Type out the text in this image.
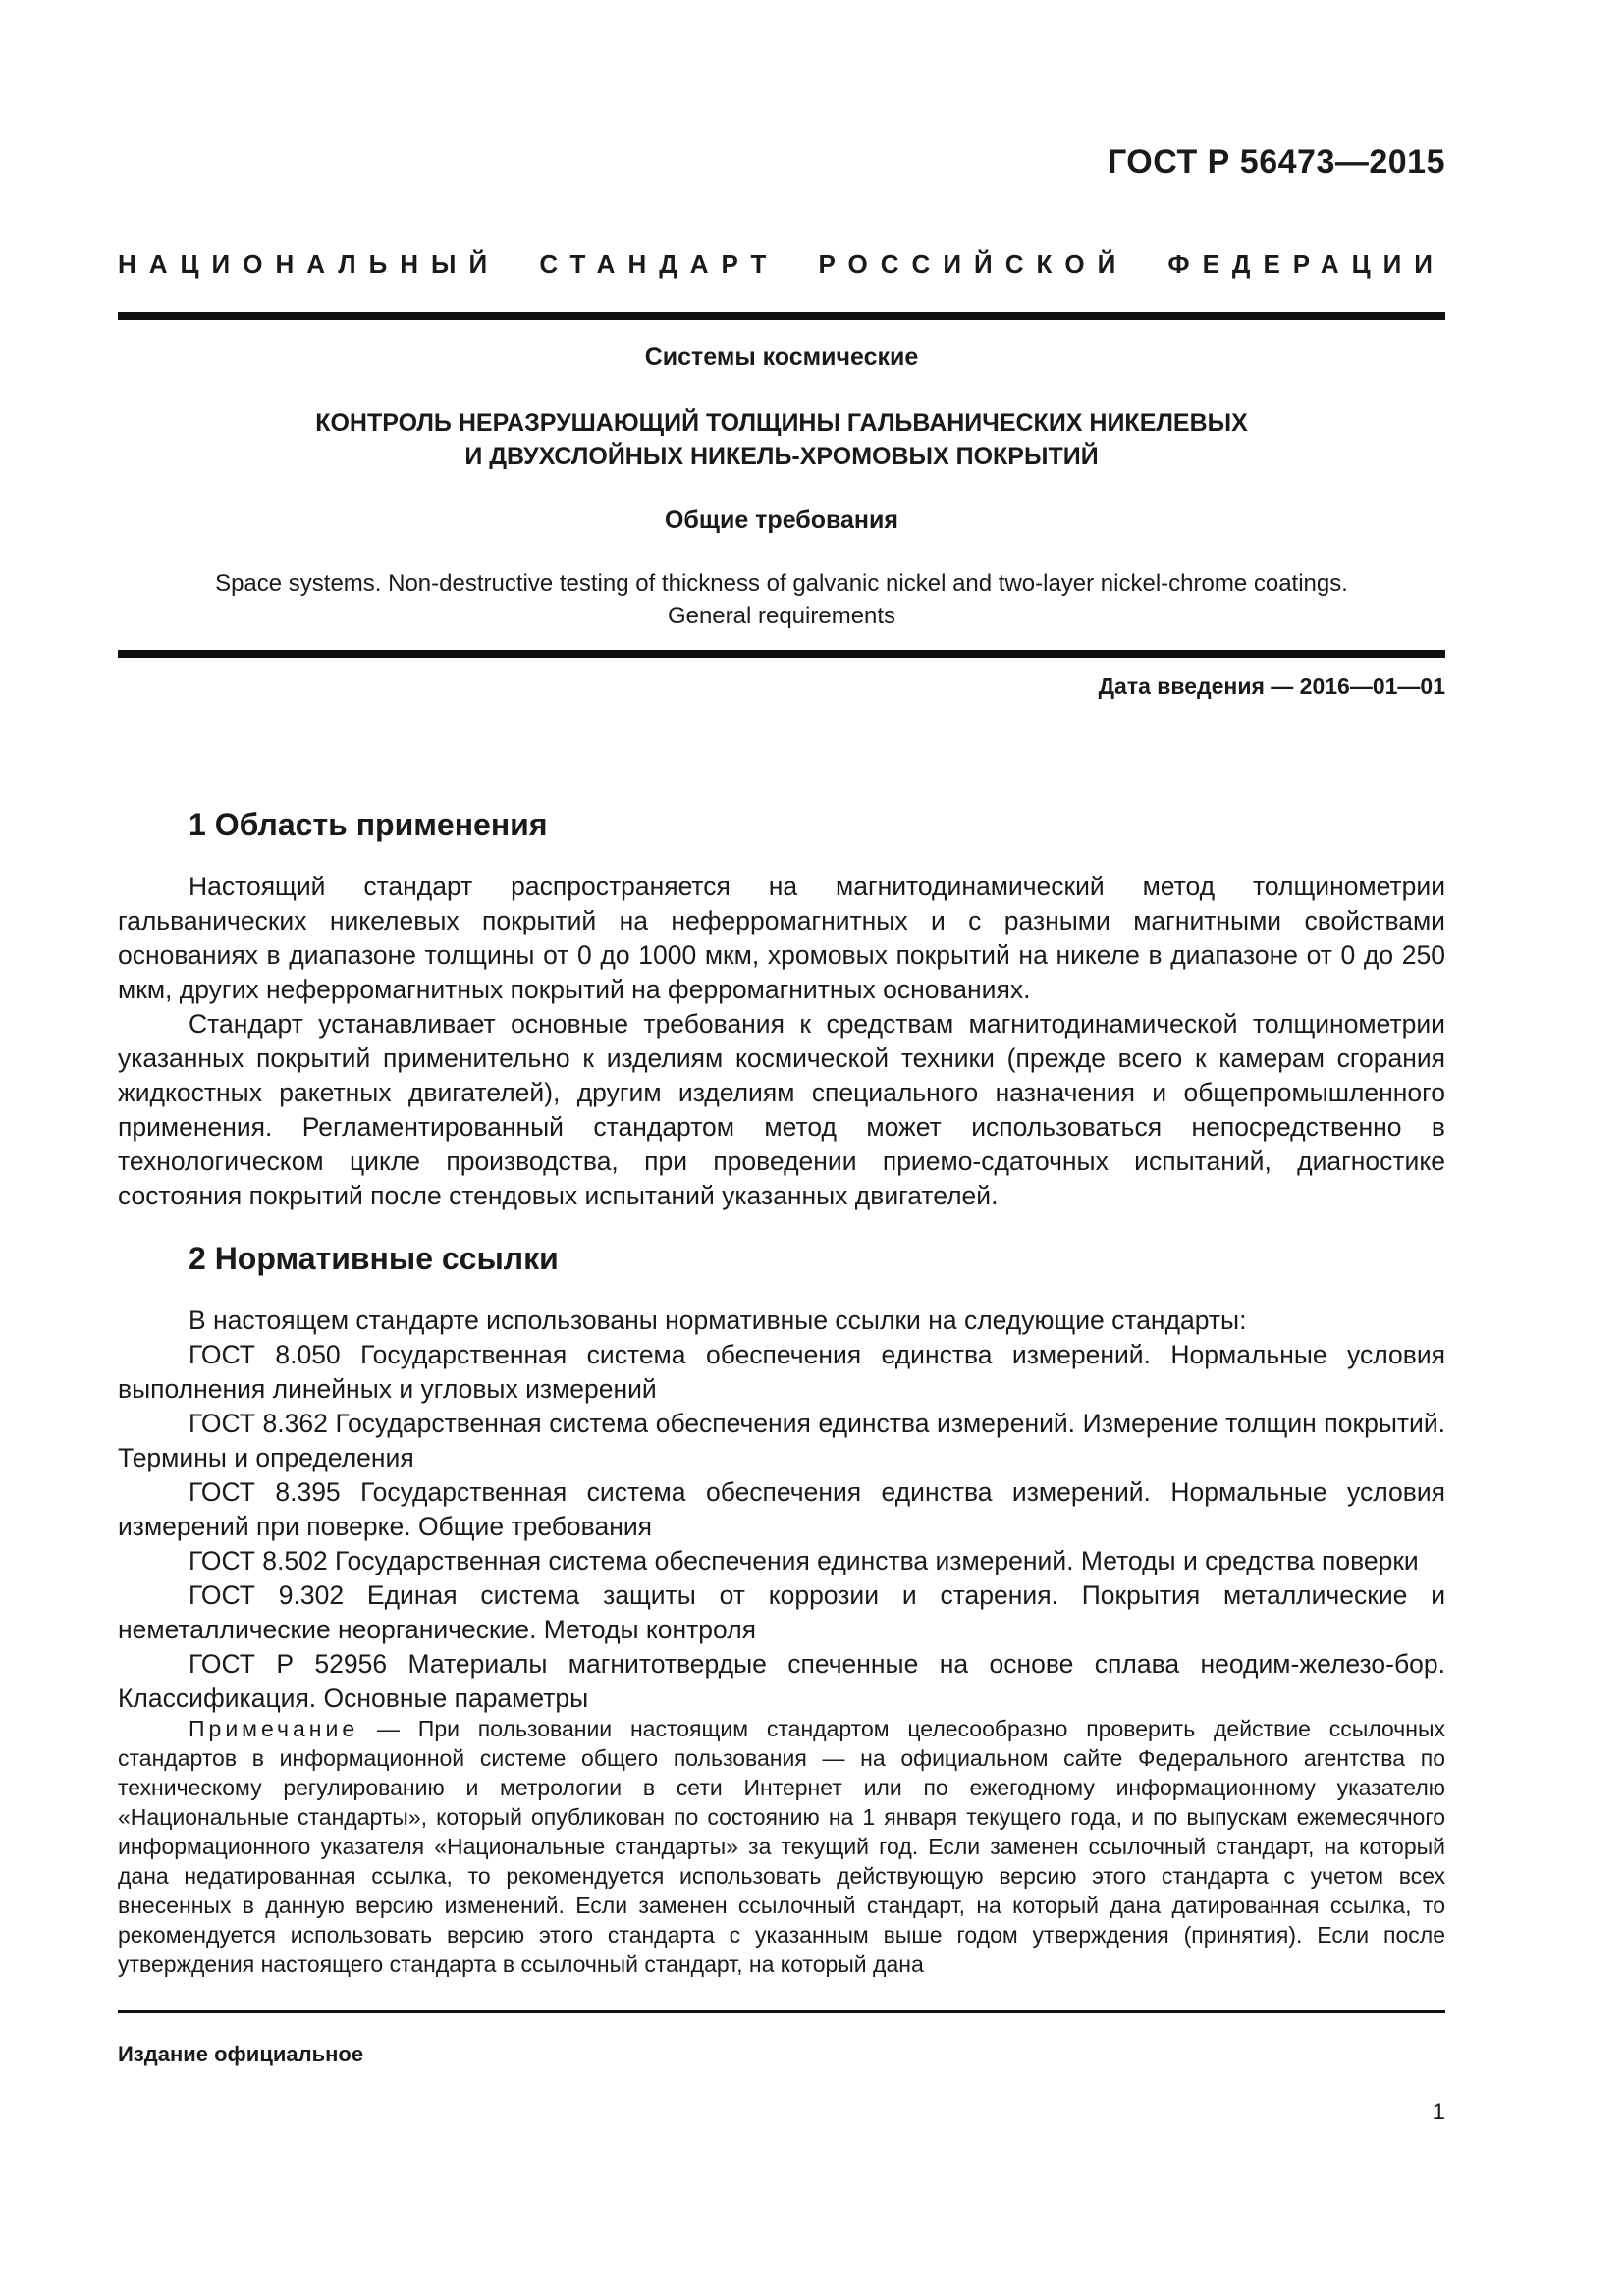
ГОСТ Р 56473—2015
НАЦИОНАЛЬНЫЙ СТАНДАРТ РОССИЙСКОЙ ФЕДЕРАЦИИ
Системы космические
КОНТРОЛЬ НЕРАЗРУШАЮЩИЙ ТОЛЩИНЫ ГАЛЬВАНИЧЕСКИХ НИКЕЛЕВЫХ
И ДВУХСЛОЙНЫХ НИКЕЛЬ-ХРОМОВЫХ ПОКРЫТИЙ
Общие требования
Space systems. Non-destructive testing of thickness of galvanic nickel and two-layer nickel-chrome coatings.
General requirements
Дата введения — 2016—01—01
1 Область применения

Настоящий стандарт распространяется на магнитодинамический метод толщинометрии гальванических никелевых покрытий на неферромагнитных и с разными магнитными свойствами основаниях в диапазоне толщины от 0 до 1000 мкм, хромовых покрытий на никеле в диапазоне от 0 до 250 мкм, других неферромагнитных покрытий на ферромагнитных основаниях.

Стандарт устанавливает основные требования к средствам магнитодинамической толщинометрии указанных покрытий применительно к изделиям космической техники (прежде всего к камерам сгорания жидкостных ракетных двигателей), другим изделиям специального назначения и общепромышленного применения. Регламентированный стандартом метод может использоваться непосредственно в технологическом цикле производства, при проведении приемо-сдаточных испытаний, диагностике состояния покрытий после стендовых испытаний указанных двигателей.

2 Нормативные ссылки

В настоящем стандарте использованы нормативные ссылки на следующие стандарты:

ГОСТ 8.050 Государственная система обеспечения единства измерений. Нормальные условия выполнения линейных и угловых измерений

ГОСТ 8.362 Государственная система обеспечения единства измерений. Измерение толщин покрытий. Термины и определения

ГОСТ 8.395 Государственная система обеспечения единства измерений. Нормальные условия измерений при поверке. Общие требования

ГОСТ 8.502 Государственная система обеспечения единства измерений. Методы и средства поверки

ГОСТ 9.302 Единая система защиты от коррозии и старения. Покрытия металлические и неметаллические неорганические. Методы контроля

ГОСТ Р 52956 Материалы магнитотвердые спеченные на основе сплава неодим-железо-бор. Классификация. Основные параметры

Примечание — При пользовании настоящим стандартом целесообразно проверить действие ссылочных стандартов в информационной системе общего пользования — на официальном сайте Федерального агентства по техническому регулированию и метрологии в сети Интернет или по ежегодному информационному указателю «Национальные стандарты», который опубликован по состоянию на 1 января текущего года, и по выпускам ежемесячного информационного указателя «Национальные стандарты» за текущий год. Если заменен ссылочный стандарт, на который дана недатированная ссылка, то рекомендуется использовать действующую версию этого стандарта с учетом всех внесенных в данную версию изменений. Если заменен ссылочный стандарт, на который дана датированная ссылка, то рекомендуется использовать версию этого стандарта с указанным выше годом утверждения (принятия). Если после утверждения настоящего стандарта в ссылочный стандарт, на который дана

Издание официальное
1
